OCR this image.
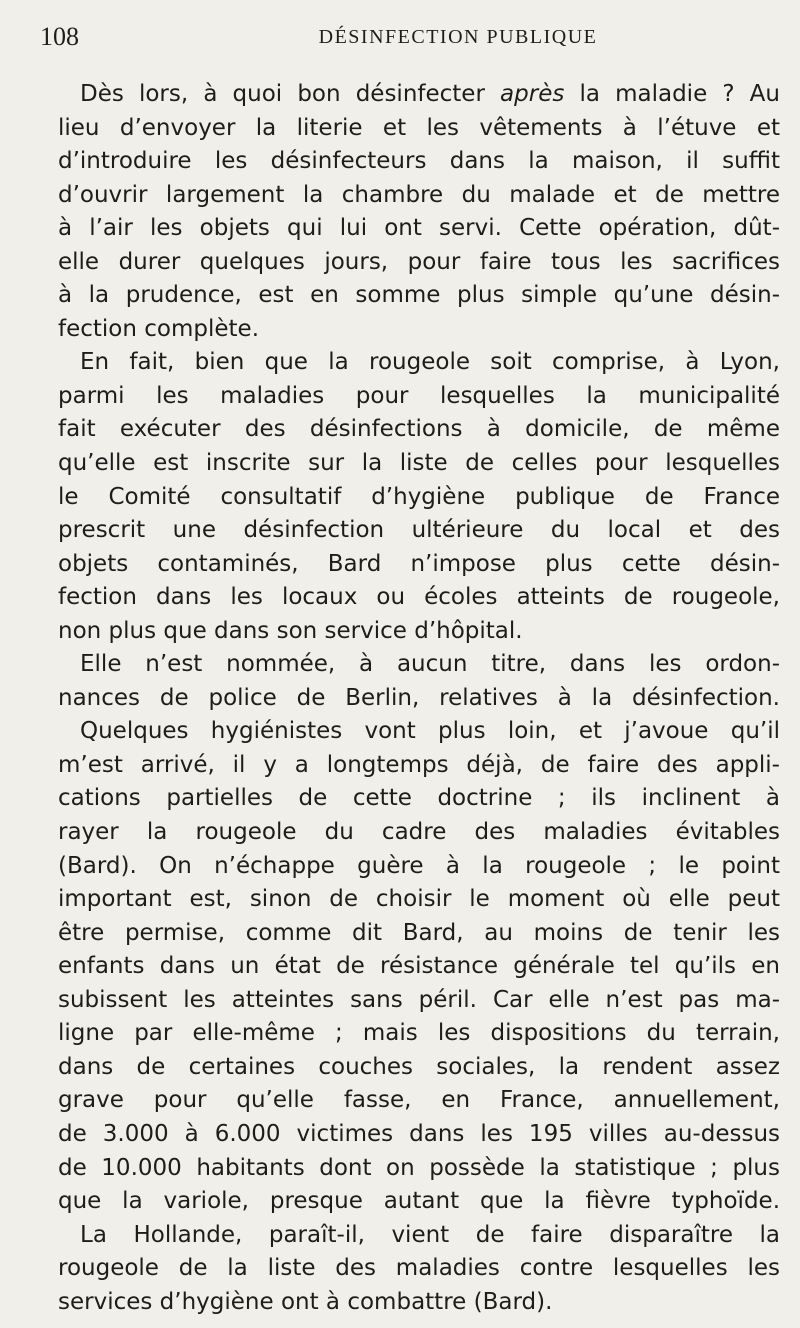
108	DÉSINFECTION PUBLIQUE
Dès lors, à quoi bon désinfecter après la maladie ? Au
lieu d’envoyer la literie et les vêtements à l’étuve et
d’introduire les désinfecteurs dans la maison, il suffit
d’ouvrir largement la chambre du malade et de mettre
à l’air les objets qui lui ont servi. Cette opération, dût-
elle durer quelques jours, pour faire tous les sacrifices
à la prudence, est en somme plus simple qu’une désin-
fection complète.
En fait, bien que la rougeole soit comprise, à Lyon,
parmi les maladies pour lesquelles la municipalité
fait exécuter des désinfections à domicile, de même
qu’elle est inscrite sur la liste de celles pour lesquelles
le Comité consultatif d’hygiène publique de France
prescrit une désinfection ultérieure du local et des
objets contaminés, Bard n’impose plus cette désin-
fection dans les locaux ou écoles atteints de rougeole,
non plus que dans son service d’hôpital.
Elle n’est nommée, à aucun titre, dans les ordon-
nances de police de Berlin, relatives à la désinfection.
Quelques hygiénistes vont plus loin, et j’avoue qu’il
m’est arrivé, il y a longtemps déjà, de faire des appli-
cations partielles de cette doctrine ; ils inclinent à
rayer la rougeole du cadre des maladies évitables
(Bard). On n’échappe guère à la rougeole ; le point
important est, sinon de choisir le moment où elle peut
être permise, comme dit Bard, au moins de tenir les
enfants dans un état de résistance générale tel qu’ils en
subissent les atteintes sans péril. Car elle n’est pas ma-
ligne par elle-même ; mais les dispositions du terrain,
dans de certaines couches sociales, la rendent assez
grave pour qu’elle fasse, en France, annuellement,
de 3.000 à 6.000 victimes dans les 195 villes au-dessus
de 10.000 habitants dont on possède la statistique ; plus
que la variole, presque autant que la fièvre typhoïde.
La Hollande, paraît-il, vient de faire disparaître la
rougeole de la liste des maladies contre lesquelles les
services d’hygiène ont à combattre (Bard).
